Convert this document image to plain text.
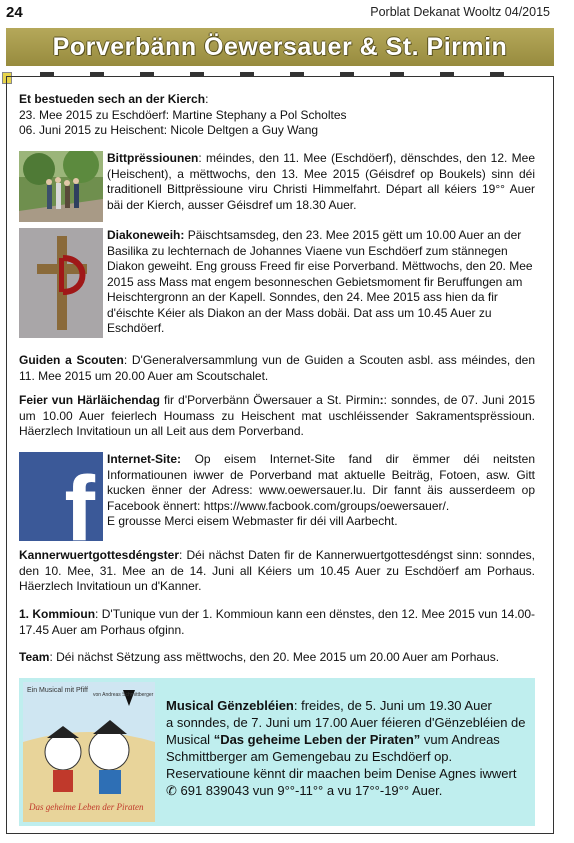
24	Porblat Dekanat Wooltz 04/2015
Porverbänn Öewersauer & St. Pirmin

Et bestueden sech an der Kierch:

23. Mee 2015 zu Eschdöerf: Martine Stephany a Pol Scholtes

06. Juni 2015 zu Heischent: Nicole Deltgen a Guy Wang

Bittprëssiounen: méindes, den 11. Mee (Eschdöerf), dënschdes, den 12. Mee (Heischent), a mëttwochs, den 13. Mee 2015 (Géisdref op Boukels) sinn déi traditionell Bittprëssioune viru Christi Himmelfahrt. Départ all kéiers 19°° Auer bäi der Kierch, ausser Géisdref um 18.30 Auer.
Diakoneweih: Päischtsamsdeg, den 23. Mee 2015 gëtt um 10.00 Auer an der Basilika zu lechternach de Johannes Viaene vun Eschdöerf zum stännegen Diakon geweiht. Eng grouss Freed fir eise Porverband. Mëttwochs, den 20. Mee 2015 ass Mass mat engem besonneschen Gebietsmoment fir Beruffungen am Heischtergronn an der Kapell. Sonndes, den 24. Mee 2015 ass hien da fir d'éischte Kéier als Diakon an der Mass dobäi. Dat ass um 10.45 Auer zu Eschdöerf.
Guiden a Scouten: D'Generalversammlung vun de Guiden a Scouten asbl. ass méindes, den 11. Mee 2015 um 20.00 Auer am Scoutschalet.
Feier vun Härläichendag fir d'Porverbänn Öwersauer a St. Pirmin:: sonndes, de 07. Juni 2015 um 10.00 Auer feierlech Houmass zu Heischent mat uschléissender Sakramentsprëssioun. Häerzlech Invitatioun un all Leit aus dem Porverband.
f Internet-Site: Op eisem Internet-Site fand dir ëmmer déi neitsten Informatiounen iwwer de Porverband mat aktuelle Beiträg, Fotoen, asw. Gitt kucken ënner der Adress: www.oewersauer.lu. Dir fannt äis ausserdeem op Facebook ënnert: https://www.facbook.com/groups/oewersauer/.
E grousse Merci eisem Webmaster fir déi vill Aarbecht.
Kannerwuertgottesdéngster: Déi nächst Daten fir de Kannerwuertgottesdéngst sinn: sonndes, den 10. Mee, 31. Mee an de 14. Juni all Kéiers um 10.45 Auer zu Eschdöerf am Porhaus. Häerzlech Invitatioun un d'Kanner.
1. Kommioun: D'Tunique vun der 1. Kommioun kann een dënstes, den 12. Mee 2015 vun 14.00-17.45 Auer am Porhaus ofginn.
Team: Déi nächst Sëtzung ass mëttwochs, den 20. Mee 2015 um 20.00 Auer am Porhaus.
Ein Musical mit Pfiff
von Andreas Schmittberger
Das geheime Leben der Piraten
Musical Gënzebléien: freides, de 5. Juni um 19.30 Auer
a sonndes, de 7. Juni um 17.00 Auer féieren d'Gënzebléien de Musical “Das geheime Leben der Piraten” vum Andreas Schmittberger am Gemengebau zu Eschdöerf op.
Reservatioune kënnt dir maachen beim Denise Agnes iwwert
✆ 691 839043 vun 9°°-11°° a vu 17°°-19°° Auer.
